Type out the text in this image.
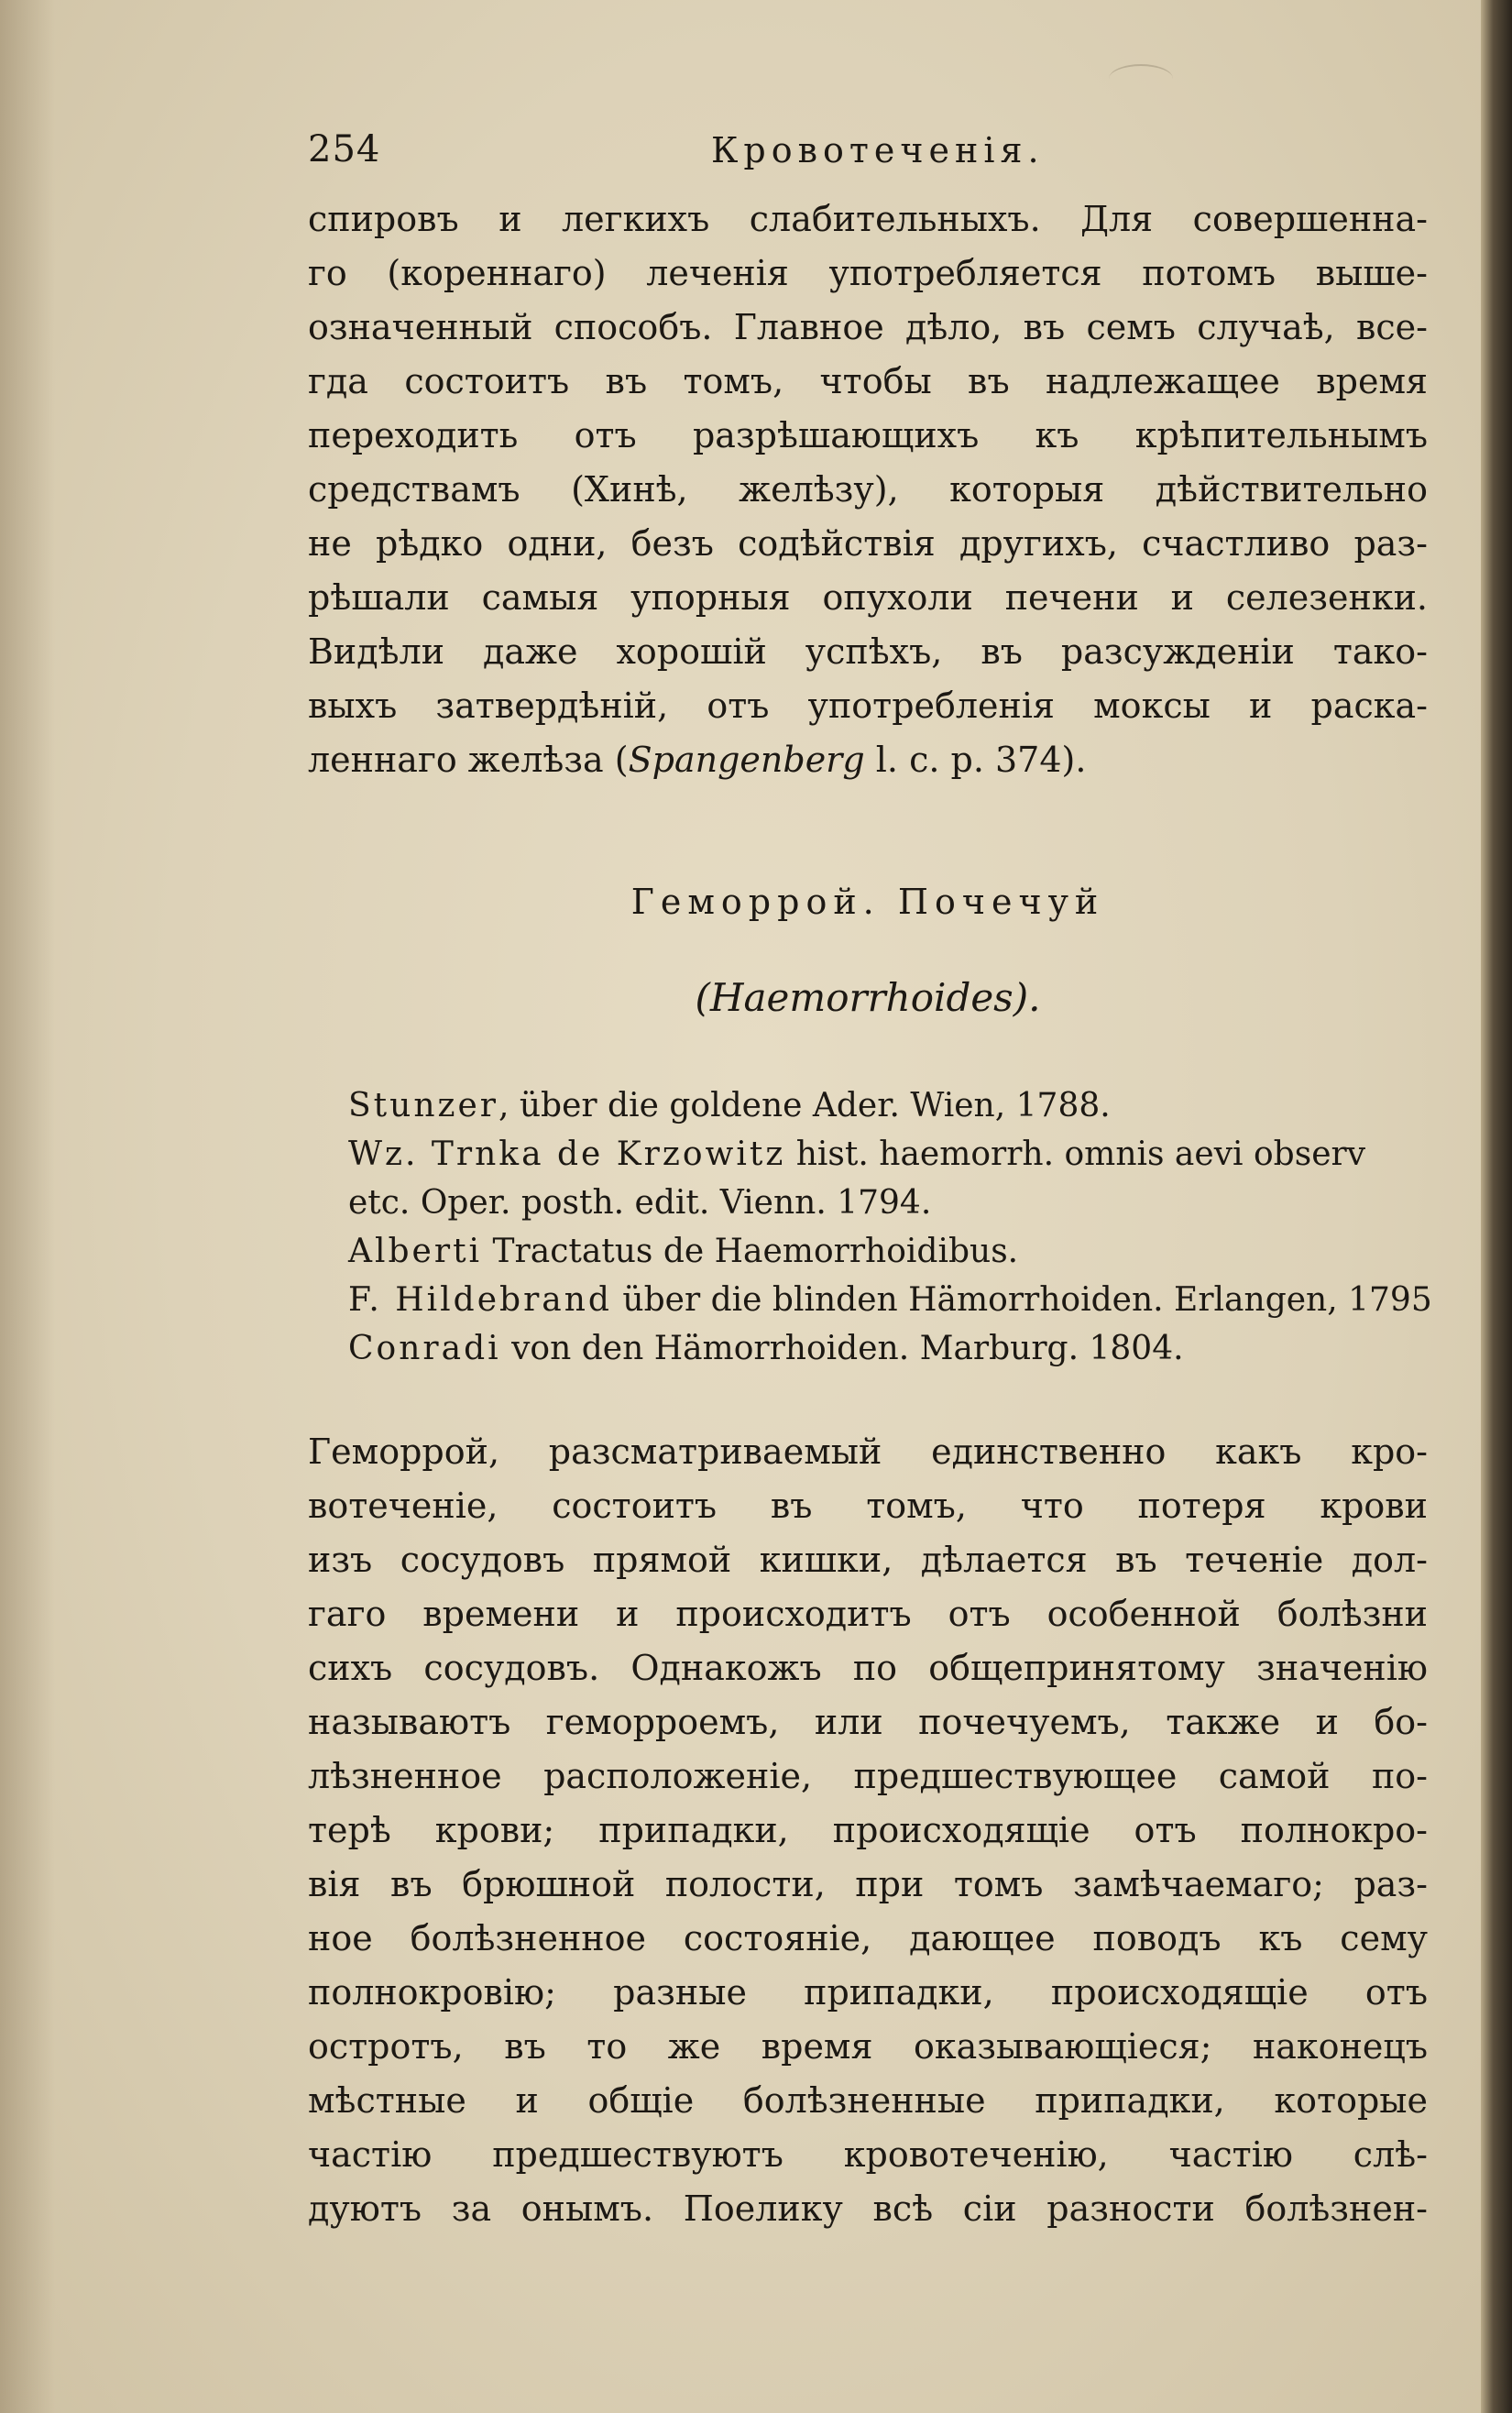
254	Кровотеченія.
спировъ и легкихъ слабительныхъ. Для совершенна-
го (кореннаго) леченія употребляется потомъ выше-
означенный способъ. Главное дѣло, въ семъ случаѣ, все-
гда состоитъ въ томъ, чтобы въ надлежащее время
переходить отъ разрѣшающихъ къ крѣпительнымъ
средствамъ (Хинѣ, желѣзу), которыя дѣйствительно
не рѣдко одни, безъ содѣйствія другихъ, счастливо раз-
рѣшали самыя упорныя опухоли печени и селезенки.
Видѣли даже хорошій успѣхъ, въ разсужденіи такo-
выхъ затвердѣній, отъ употребленія моксы и раска-
леннаго желѣза (Spangenberg l. c. p. 374).
Геморрой. Почечуй
(Haemorrhoides).
Stunzer, über die goldene Ader. Wien, 1788.
Wz. Trnka de Krzowitz hist. haemorrh. omnis aevi observ
etc. Oper. posth. edit. Vienn. 1794.
Alberti Tractatus de Haemorrhoidibus.
F. Hildebrand über die blinden Hämorrhoiden. Erlangen, 1795
Conradi von den Hämorrhoiden. Marburg. 1804.
Геморрой, разсматриваемый единственно какъ кро-
вотеченіе, состоитъ въ томъ, что потеря крови
изъ сосудовъ прямой кишки, дѣлается въ теченіе дол-
гаго времени и происходитъ отъ особенной болѣзни
сихъ сосудовъ. Однакожъ по общепринятому значенію
называютъ геморроемъ, или почечуемъ, также и бо-
лѣзненное расположеніе, предшествующее самой по-
терѣ крови; припадки, происходящіе отъ полнокро-
вія въ брюшной полости, при томъ замѣчаемаго; раз-
ное болѣзненное состояніе, дающее поводъ къ сему
полнокровію; разные припадки, происходящіе отъ
остротъ, въ то же время оказывающіеся; наконецъ
мѣстные и общіе болѣзненные припадки, которые
частію предшествуютъ кровотеченію, частію слѣ-
дуютъ за онымъ. Поелику всѣ сіи разности болѣзнен-
